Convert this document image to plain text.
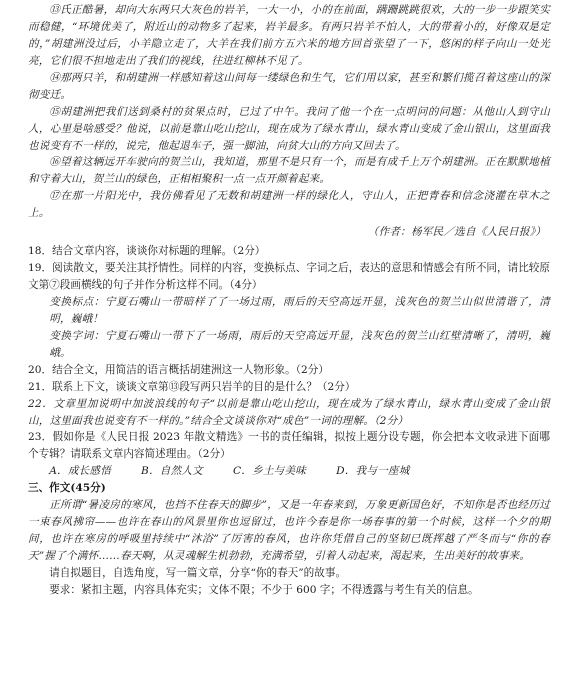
⑬氏正酷暑，却向大东两只大灰色的岩羊，一大一小，小的在前面，蹒跚跳跳很欢，大的一步一步跟笑实而稳健，“环境优美了，附近山的动物多了起来，岩羊最多。有两只岩羊不怕人，大的带着小的，好像双是定的，”胡建洲没过后，小羊隐立走了，大羊在我们前方五六米的地方回首张望了一下，悠闲的样子向山一处光亮，它们很不担地走出了我们的视线，往进红柳林不见了。

⑭那两只羊，和胡建洲一样感知着这山间每一缕绿色和生气，它们用以家，甚至和繁们揽召着这座山的深彻变迁。

⑮胡建洲把我们送到桑村的贫果点时，已过了中午。我问了他一个在一点明问的问题：从他山人到守山人，心里是啥感受？他说，以前是靠山吃山挖山，现在成为了绿水青山，绿水青山变成了金山银山，这里面我也说变有不一样的，说完，他起退车子，强一脚油，向贫大山的方向又回去了。

⑯望着这辆远开车驶向的贺兰山，我知道，那里不是只有一个，而是有成千上万个胡建洲。正在默默地植和守着大山，贺兰山的绿色，正相相聚积一点一点开颜着起来。

⑰在那一片阳光中，我仿佛看见了无数和胡建洲一样的绿化人，守山人，正把青春和信念浇灌在草木之上。

（作者：杨军民／选自《人民日报》）

18．结合文章内容，谈谈你对标题的理解。（2分）

19．阅读散文，要关注其抒情性。同样的内容，变换标点、字词之后，表达的意思和情感会有所不同，请比较原文第⑦段画横线的句子并作分析这样不同。（4分）

变换标点：宁夏石嘴山一带暗样了了一场过雨，雨后的天空高远开显，浅灰色的贺兰山似世清谐了，清明，巍峨！

变换字词：宁夏石嘴山一带下了一场雨，雨后的天空高远开显，浅灰色的贺兰山红壁清晰了，清明，巍峨。

20．结合全文，用简洁的语言概括胡建洲这一人物形象。（2分）

21．联系上下文，谈谈文章第⑬段写两只岩羊的目的是什么？（2分）

22．文章里加说明中加波浪线的句子“以前是靠山吃山挖山，现在成为了绿水青山，绿水青山变成了金山银山，这里面我也说变有不一样的。”结合全文谈谈你对“成色”一词的理解。（2分）

23．假如你是《人民日报 2023 年散文精选》一书的责任编辑，拟按上题分设专题，你会把本文收录进下面哪个专辑？请联系文章内容简述理由。（2分）

A．成长感悟	B．自然人文	C．乡土与美味	D．我与一座城

三、作文(45分)

正所谓“暑凌房的寒风，也挡不住春天的脚步”，又是一年春来到，万象更新国色好，不知你是否也经历过一束春风拂帘——也许在春山的风景里你也逗留过，也许今春是你一场春事的第一个时候，这样一个夕的期间，也许在寒房的呼吸里持续中“沐浴”了厉害的春风，也许你凭借自己的坚韧已既挥越了严冬而与“你的春天”握了个满怀……春天啊，从灵魂解生机勃勃，充满希望，引着人动起来，渴起来，生出美好的故事来。

请自拟题目，自选角度，写一篇文章，分享“你的春天”的故事。

要求：紧扣主题，内容具体充实；文体不限；不少于 600 字；不得透露与考生有关的信息。
